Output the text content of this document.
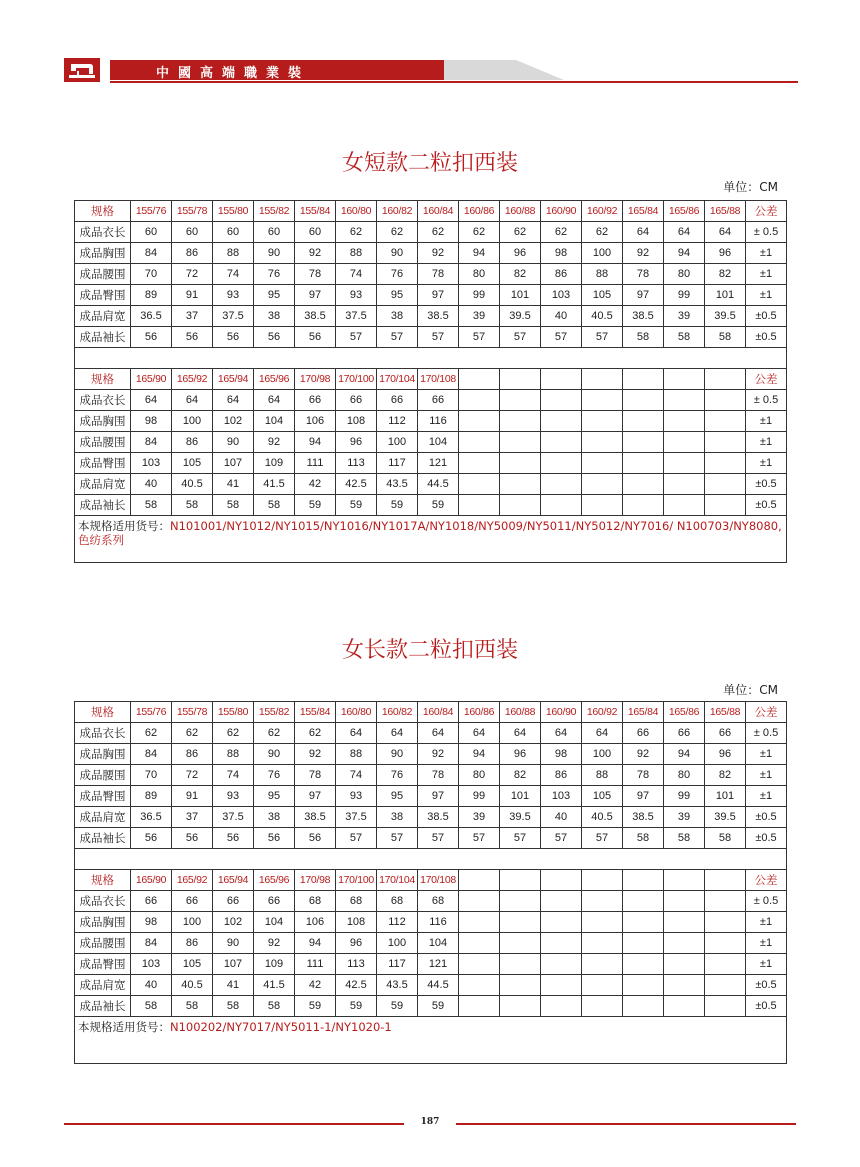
中國高端職業裝
女短款二粒扣西装
单位：CM
规格	155/76	155/78	155/80	155/82	155/84	160/80	160/82	160/84	160/86	160/88	160/90	160/92	165/84	165/86	165/88	公差
成品衣长	60	60	60	60	60	62	62	62	62	62	62	62	64	64	64	± 0.5
成品胸围	84	86	88	90	92	88	90	92	94	96	98	100	92	94	96	±1
成品腰围	70	72	74	76	78	74	76	78	80	82	86	88	78	80	82	±1
成品臀围	89	91	93	95	97	93	95	97	99	101	103	105	97	99	101	±1
成品肩宽	36.5	37	37.5	38	38.5	37.5	38	38.5	39	39.5	40	40.5	38.5	39	39.5	±0.5
成品袖长	56	56	56	56	56	57	57	57	57	57	57	57	58	58	58	±0.5

规格	165/90	165/92	165/94	165/96	170/98	170/100	170/104	170/108								公差
成品衣长	64	64	64	64	66	66	66	66								± 0.5
成品胸围	98	100	102	104	106	108	112	116								±1
成品腰围	84	86	90	92	94	96	100	104								±1
成品臀围	103	105	107	109	111	113	117	121								±1
成品肩宽	40	40.5	41	41.5	42	42.5	43.5	44.5								±0.5
成品袖长	58	58	58	58	59	59	59	59								±0.5
本规格适用货号：N101001/NY1012/NY1015/NY1016/NY1017A/NY1018/NY5009/NY5011/NY5012/NY7016/ N100703/NY8080,色纺系列																
女长款二粒扣西装
单位：CM
规格	155/76	155/78	155/80	155/82	155/84	160/80	160/82	160/84	160/86	160/88	160/90	160/92	165/84	165/86	165/88	公差
成品衣长	62	62	62	62	62	64	64	64	64	64	64	64	66	66	66	± 0.5
成品胸围	84	86	88	90	92	88	90	92	94	96	98	100	92	94	96	±1
成品腰围	70	72	74	76	78	74	76	78	80	82	86	88	78	80	82	±1
成品臀围	89	91	93	95	97	93	95	97	99	101	103	105	97	99	101	±1
成品肩宽	36.5	37	37.5	38	38.5	37.5	38	38.5	39	39.5	40	40.5	38.5	39	39.5	±0.5
成品袖长	56	56	56	56	56	57	57	57	57	57	57	57	58	58	58	±0.5

规格	165/90	165/92	165/94	165/96	170/98	170/100	170/104	170/108								公差
成品衣长	66	66	66	66	68	68	68	68								± 0.5
成品胸围	98	100	102	104	106	108	112	116								±1
成品腰围	84	86	90	92	94	96	100	104								±1
成品臀围	103	105	107	109	111	113	117	121								±1
成品肩宽	40	40.5	41	41.5	42	42.5	43.5	44.5								±0.5
成品袖长	58	58	58	58	59	59	59	59								±0.5
本规格适用货号：N100202/NY7017/NY5011-1/NY1020-1																
187
